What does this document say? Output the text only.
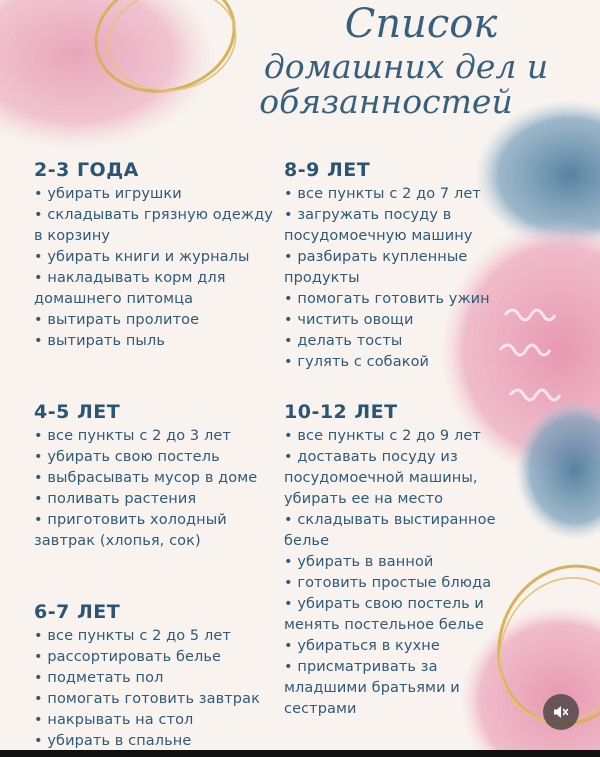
Список
домашних дел и
обязанностей
2-3 ГОДА
• убирать игрушки
• складывать грязную одежду
в корзину
• убирать книги и журналы
• накладывать корм для
домашнего питомца
• вытирать пролитое
• вытирать пыль
4-5 ЛЕТ
• все пункты с 2 до 3 лет
• убирать свою постель
• выбрасывать мусор в доме
• поливать растения
• приготовить холодный
завтрак (хлопья, сок)
6-7 ЛЕТ
• все пункты с 2 до 5 лет
• рассортировать белье
• подметать пол
• помогать готовить завтрак
• накрывать на стол
• убирать в спальне
8-9 ЛЕТ
• все пункты с 2 до 7 лет
• загружать посуду в
посудомоечную машину
• разбирать купленные
продукты
• помогать готовить ужин
• чистить овощи
• делать тосты
• гулять с собакой
10-12 ЛЕТ
• все пункты с 2 до 9 лет
• доставать посуду из
посудомоечной машины,
убирать ее на место
• складывать выстиранное
белье
• убирать в ванной
• готовить простые блюда
• убирать свою постель и
менять постельное белье
• убираться в кухне
• присматривать за
младшими братьями и
сестрами
